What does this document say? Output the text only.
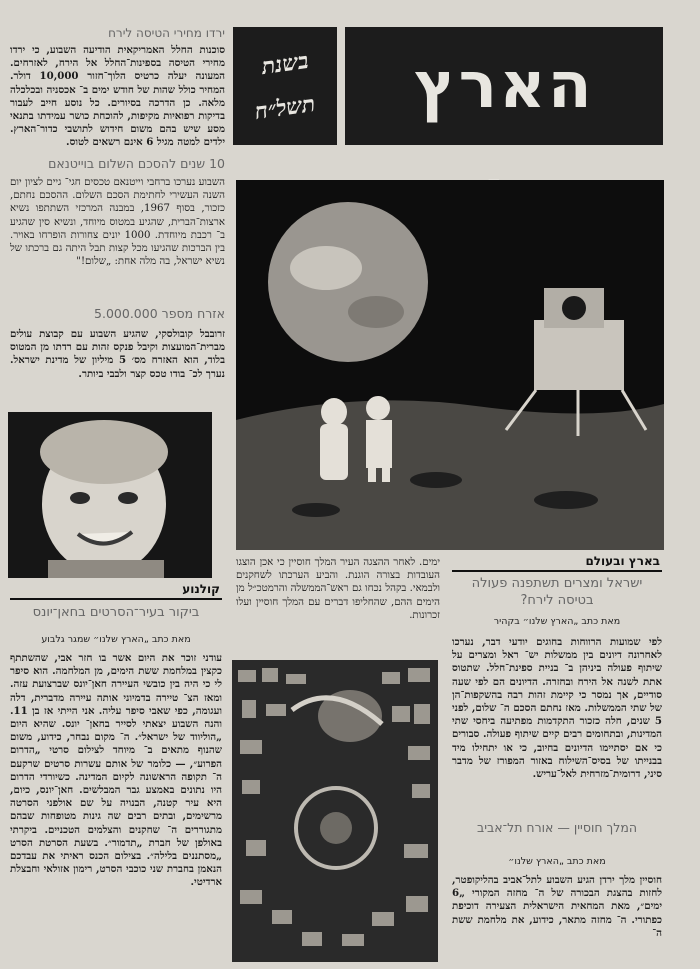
בשנת
תשל״ח	הארץ
ירדו מחירי הטיסה לירח
סוכנות החלל האמריקאית הודיעה השבוע, כי ירדו מחירי הטיסה בספינות־החלל אל הירח, לאזרחים. המעונה יעלה כרטיס הלוך־חזור 10,000 דולר. המחיר כולל שהות של חודש ימים ב־ אכסניה ובכלכלה מלאה. כן הדרכה בסיורים. כל נוסע חייב לעבור בדיקות רפואיות מקיפות, להוכחת כושר עמידתו בתנאי מסע שיש בהם משום חידוש לתושבי כדור־הארץ. ילדים למטה מגיל 6 אינם רשאים לטוס.
10 שנים להסכם השלום בוייטנאם
השבוע נערכו ברחבי וייטנאם טכסים חגי־ גיים לציון יום השנה העשירי לחתימת הסכם השלום. ההסכם נחתם, כזכור, בסוף 1967, במבנה המרכזי השתתפו נשיא ארצות־הברית, שהגיע במטוס מיוחד, ונשיא סין שהגיע ב־ רכבת מיוחדת. 1000 יונים צחורות הופרחו באויר. בין הברכות שהגיעו מכל קצות תבל היתה גם ברכתו של נשיא ישראל, בה מלה אחת: „שלום!"
אזרח מספר 5.000.000
זרובבל קובולסקי, שהגיע השבוע עם קבוצת עולים מברית־המועצות וקיבל פנקס זהות עם רדתו מן המטוס בלוד, הוא האזרח מס׳ 5 מיליון של מדינת ישראל. נערך לכ־ בודו טכס קצר ולבבי ביותר.
ימים. לאחר ההצגה העיר המלך חוסיין כי אכן הוצגו העובדות בצורה הוגנת. והביע הערכתו לשחקנים ולבמאי. בקהל נכחו גם ראש־הממשלה והרמטכ״ל מן הימים ההם, שהחליפו דברים עם המלך חוסיין ועלו זכרונות.
בארץ ובעולם
ישראל ומצרים תשתפנה פעולה בטיסה לירח?
מאת כתב „הארץ שלנו״ בקהיר
לפי שמועות הרווחות בחוגים יודעי דבר, נערכו לאחרונה דיונים בין ממשלות יש־ ראל ומצרים על שיתוף פעולה ביניהן ב־ בניית ספינת־חלל. שתטוס אתת לשנה אל הירח ובחזרה. הדיונים הם לפי שעה סודיים, אך נמסר כי קיימת זהות רבה בהשקפות־הן של שתי הממשלות. מאז נחתם הסכם ה־ שלום, לפני 5 שנים, חלה כזכור התקדמות מפתיעה ביחסי שתי המדינות, ובתחומים רבים קיים שיתוף פעולה. סבורים כי אם יסתיימו הדיונים בחיוב, כי או יתחילו מיד בבנייתו של בסיס־השילוח באזור המפורז של מדבר סיני, דרומית־מזרחית לאל־עריש.
המלך חוסיין — אורח תל־אביב
מאת כתב „הארץ שלנו״
חוסיין מלך ירדן הגיע השבוע לתל־אביב בהליקופטר, לחזות בהצגת הבכורה של ה־ מחזה המקורי „6 ימים״, מאת המחאית הישראלית הצעירה דוכיפת כפתורי. ה־ מחזה מתאר, כידוע, את מלחמת ששת ה־
קולנוע
ביקור בעיר־הסרטים בחאן־יונס
מאת כתב „הארץ שלנו״ שמגר גלבוע
עודני זוכר את היום אשר בו חזר אבי, שהשתתף כקצין במלחמת ששת הימים, מן המלחמה. הוא סיפר לי כי היה בין כובשי העיירה חאן־יונס שברצועת עזה. ומאז הצ־ טיירה בדמיוני אותה עיירה מדברית, דלה ועגומה, כפי שאבי סיפר עליה. אני הייתי אז בן 11. והנה השבוע יצאתי לסייר בחאן־ יונס. שהיא היום „הוליווד של ישראל״. ה־ מקום נבחר, כידוע, משום שהנוף מתאים ב־ מיוחד לצילום סרטי „הדרום הפרוע״, — כלומר של אותם עשרות סרטים שרקעם ה־ תקופה הראשונה לקיום המדינה. כשיורדי הדרום היו נתונים באמצע גבר המבלשים. חאן־יונס, כיום, היא עיר קטנה, הבנויה על שם אולפני הסרטה מרשימים, ובתים רבים שה גינות מטופחות שבהם מתגוררים ה־ שחקנים והצלמים הטכניים. ביקרתי באולפן של חברת „תדמור״. בשעת הסרטת הסרט „מסתננים בלילה״. בצילום הכנס ראיתי את עבדכם הנאמן בחברת שני כוכבי הסרט, רימון אזולאי וחבצלת ארדיטי.
